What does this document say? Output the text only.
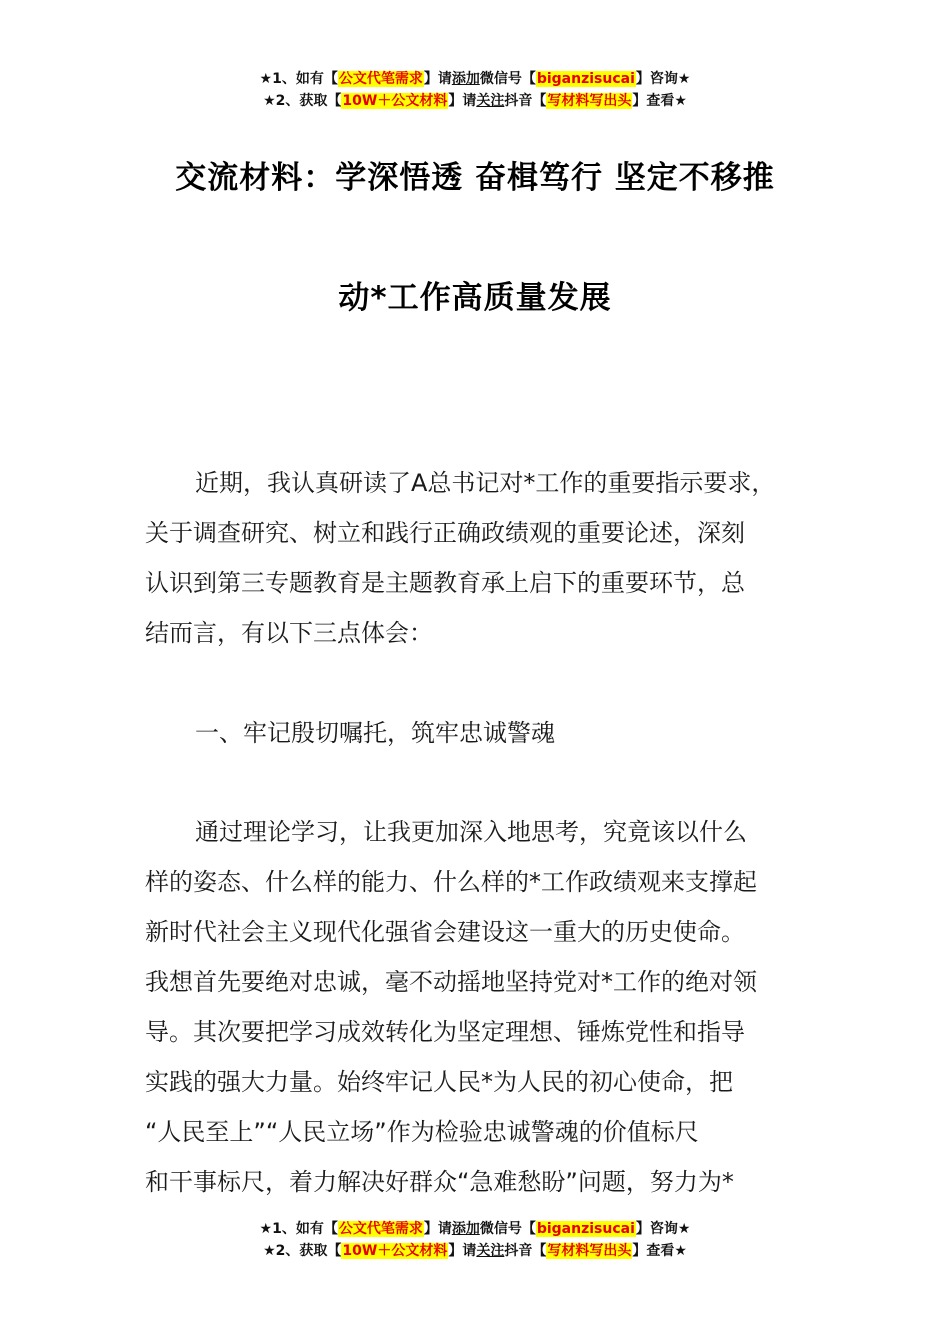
★1、如有【公文代笔需求】请添加微信号【biganzisucai】咨询★
★2、获取【10W＋公文材料】请关注抖音【写材料写出头】查看★
交流材料：学深悟透 奋楫笃行 坚定不移推
动*工作高质量发展
近期，我认真研读了A总书记对*工作的重要指示要求，
关于调查研究、树立和践行正确政绩观的重要论述，深刻
认识到第三专题教育是主题教育承上启下的重要环节，总
结而言，有以下三点体会：
一、牢记殷切嘱托，筑牢忠诚警魂
通过理论学习，让我更加深入地思考，究竟该以什么
样的姿态、什么样的能力、什么样的*工作政绩观来支撑起
新时代社会主义现代化强省会建设这一重大的历史使命。
我想首先要绝对忠诚，毫不动摇地坚持党对*工作的绝对领
导。其次要把学习成效转化为坚定理想、锤炼党性和指导
实践的强大力量。始终牢记人民*为人民的初心使命，把
“人民至上”“人民立场”作为检验忠诚警魂的价值标尺
和干事标尺，着力解决好群众“急难愁盼”问题，努力为*
★1、如有【公文代笔需求】请添加微信号【biganzisucai】咨询★
★2、获取【10W＋公文材料】请关注抖音【写材料写出头】查看★
